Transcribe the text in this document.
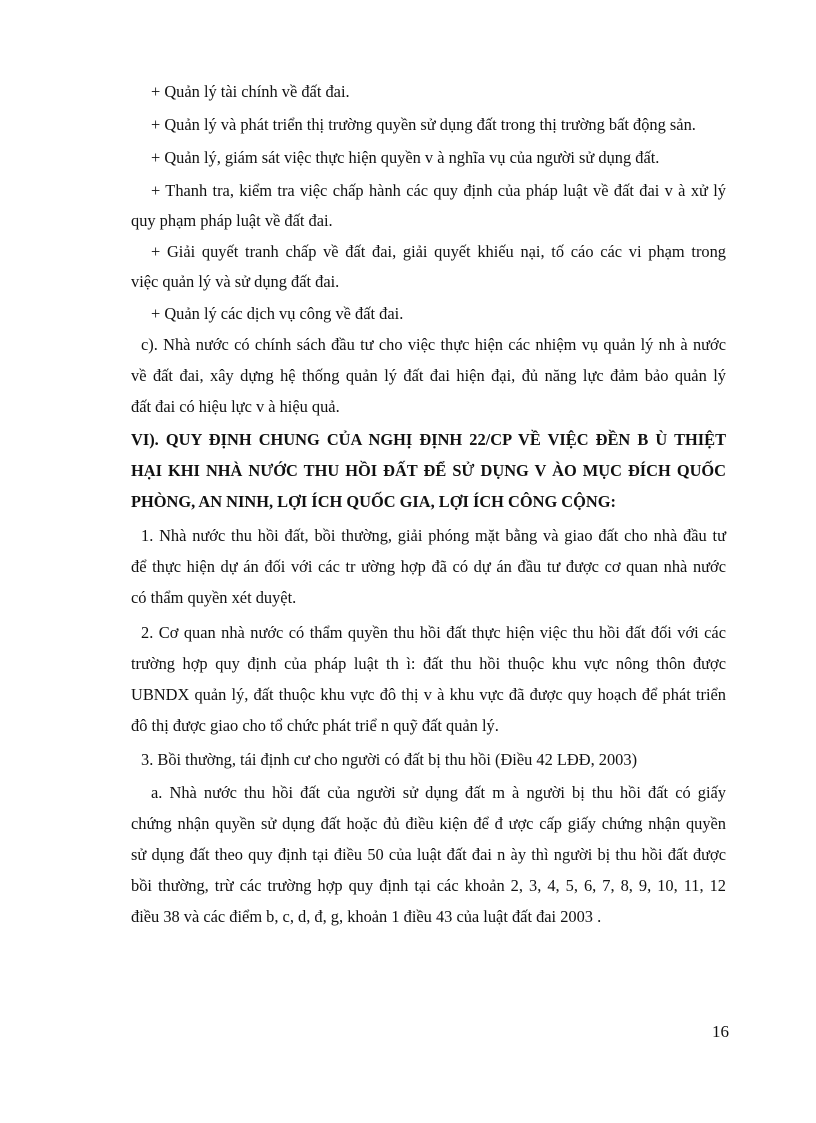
+ Quản lý tài chính về đất đai.
+ Quản lý và phát triển thị trường quyền sử dụng đất trong thị trường bất động sản.
+ Quản lý, giám sát việc thực hiện quyền v à nghĩa vụ của người sử dụng đất.
+ Thanh tra, kiểm tra việc chấp hành các quy định của pháp luật về đất đai v à xử lý
quy phạm pháp luật về đất đai.
+ Giải quyết tranh chấp về đất đai, giải quyết khiếu nại, tố cáo các vi phạm trong
việc quản lý và sử dụng đất đai.
+ Quản lý các dịch vụ công về đất đai.
c). Nhà nước có chính sách đầu tư cho việc thực hiện các nhiệm vụ quản lý nh à nước
về đất đai, xây dựng hệ thống quản lý đất đai hiện đại, đủ năng lực đảm bảo quản lý
đất đai có hiệu lực v à hiệu quả.
VI). QUY ĐỊNH CHUNG CỦA NGHỊ ĐỊNH 22/CP VỀ VIỆC ĐỀN B Ù THIỆT
HẠI KHI NHÀ NƯỚC THU HỒI ĐẤT ĐỂ SỬ DỤNG V ÀO MỤC ĐÍCH QUỐC
PHÒNG, AN NINH, LỢI ÍCH QUỐC GIA, LỢI ÍCH CÔNG CỘNG:
1. Nhà nước thu hồi đất, bồi thường, giải phóng mặt bằng và giao đất cho nhà đầu tư
để thực hiện dự án đối với các tr ường hợp đã có dự án đầu tư được cơ quan nhà nước
có thẩm quyền xét duyệt.
2. Cơ quan nhà nước có thẩm quyền thu hồi đất thực hiện việc thu hồi đất đối với các
trường hợp quy định của pháp luật th ì: đất thu hồi thuộc khu vực nông thôn được
UBNDX quản lý, đất thuộc khu vực đô thị v à khu vực đã được quy hoạch để phát triển
đô thị được giao cho tổ chức phát triể n quỹ đất quản lý.
3. Bồi thường, tái định cư cho người có đất bị thu hồi (Điều 42 LĐĐ, 2003)
a. Nhà nước thu hồi đất của người sử dụng đất m à người bị thu hồi đất có giấy
chứng nhận quyền sử dụng đất hoặc đủ điều kiện để đ ược cấp giấy chứng nhận quyền
sử dụng đất theo quy định tại điều 50 của luật đất đai n ày thì người bị thu hồi đất được
bồi thường, trừ các trường hợp quy định tại các khoản 2, 3, 4, 5, 6, 7, 8, 9, 10, 11, 12
điều 38 và các điểm b, c, d, đ, g, khoản 1 điều 43 của luật đất đai 2003 .
16
